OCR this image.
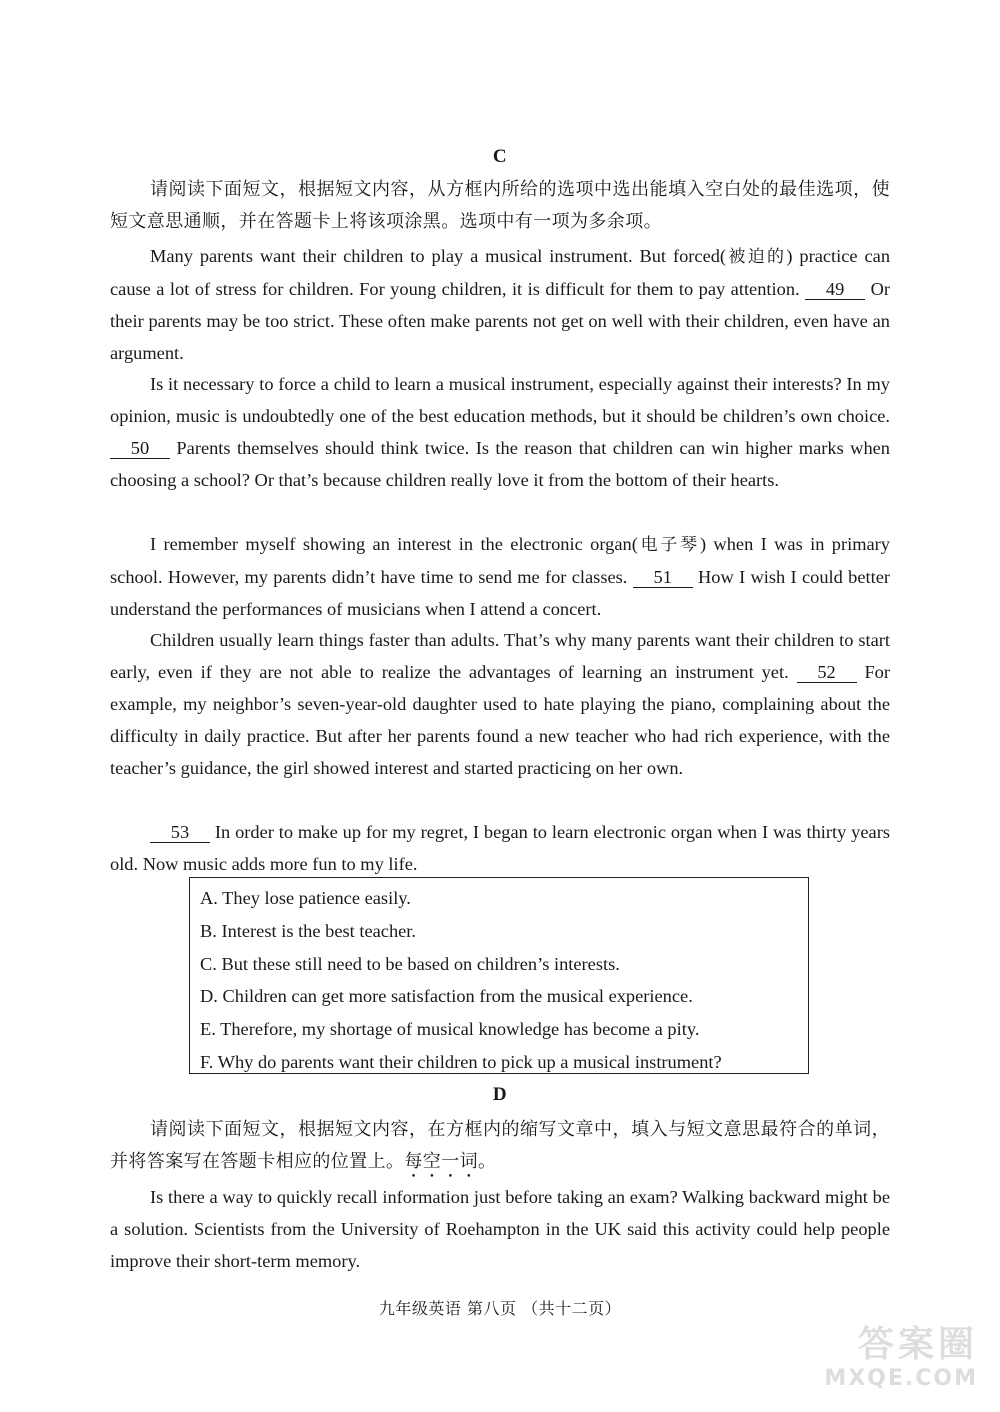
C

请阅读下面短文，根据短文内容，从方框内所给的选项中选出能填入空白处的最佳选项，使短文意思通顺，并在答题卡上将该项涂黑。选项中有一项为多余项。

Many parents want their children to play a musical instrument. But forced(被迫的) practice can cause a lot of stress for children. For young children, it is difficult for them to pay attention. 49 Or their parents may be too strict. These often make parents not get on well with their children, even have an argument.

Is it necessary to force a child to learn a musical instrument, especially against their interests? In my opinion, music is undoubtedly one of the best education methods, but it should be children’s own choice. 50 Parents themselves should think twice. Is the reason that children can win higher marks when choosing a school? Or that’s because children really love it from the bottom of their hearts.

I remember myself showing an interest in the electronic organ(电子琴) when I was in primary school. However, my parents didn’t have time to send me for classes. 51 How I wish I could better understand the performances of musicians when I attend a concert.

Children usually learn things faster than adults. That’s why many parents want their children to start early, even if they are not able to realize the advantages of learning an instrument yet. 52 For example, my neighbor’s seven-year-old daughter used to hate playing the piano, complaining about the difficulty in daily practice. But after her parents found a new teacher who had rich experience, with the teacher’s guidance, the girl showed interest and started practicing on her own.

53 In order to make up for my regret, I began to learn electronic organ when I was thirty years old. Now music adds more fun to my life.

D

请阅读下面短文，根据短文内容，在方框内的缩写文章中，填入与短文意思最符合的单词，并将答案写在答题卡相应的位置上。每空一词。

Is there a way to quickly recall information just before taking an exam? Walking backward might be a solution. Scientists from the University of Roehampton in the UK said this activity could help people improve their short-term memory.

A. They lose patience easily.
B. Interest is the best teacher.
C. But these still need to be based on children’s interests.
D. Children can get more satisfaction from the musical experience.
E. Therefore, my shortage of musical knowledge has become a pity.
F. Why do parents want their children to pick up a musical instrument?
九年级英语 第八页 （共十二页）
答案圈
MXQE.COM
